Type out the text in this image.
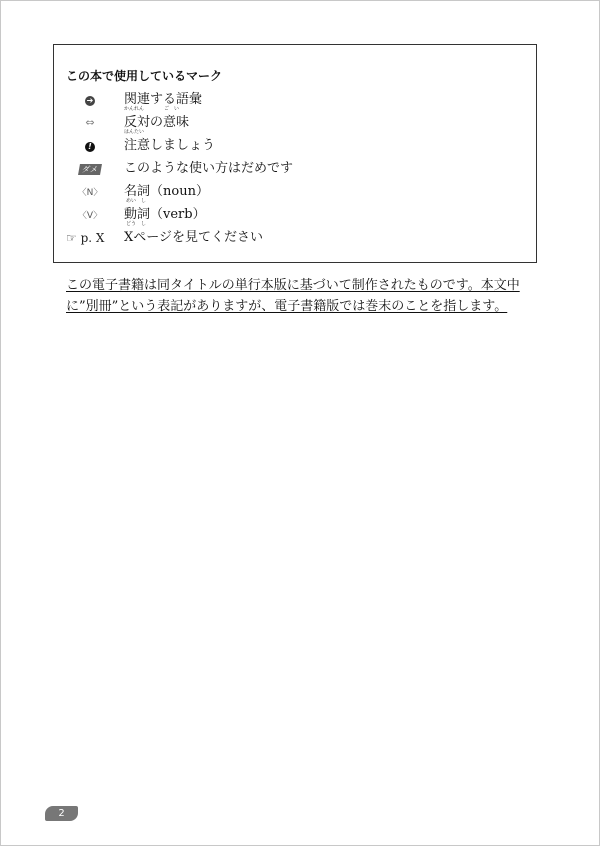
この本で使用しているマーク
➔	関連する語彙
かんれん　　　　ご　い
⇔	反対の意味
はんたい
!	注意しましょう
ダメ	このような使い方はだめです
〈N〉	名詞（noun）
めい　し
〈V〉	動詞（verb）
どう　し
☞ p. X	Xページを見てください
この電子書籍は同タイトルの単行本版に基づいて制作されたものです。本文中
に”別冊”という表記がありますが、電子書籍版では巻末のことを指します。
2
